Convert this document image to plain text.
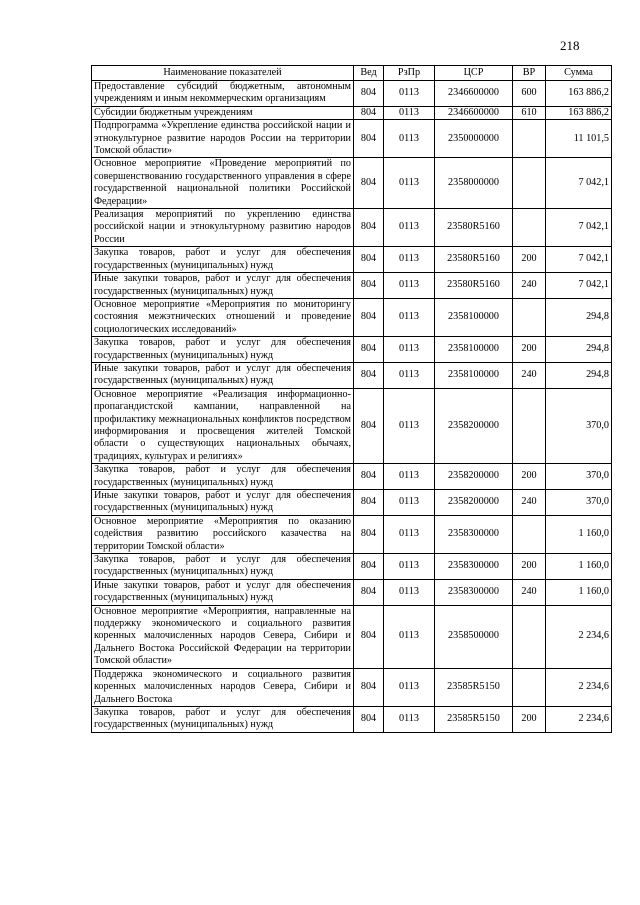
218
Наименование показателей	Вед	РзПр	ЦСР	ВР	Сумма
Предоставление субсидий бюджетным, автономным учреждениям и иным некоммерческим организациям	804	0113	2346600000	600	163 886,2
Субсидии бюджетным учреждениям	804	0113	2346600000	610	163 886,2
Подпрограмма «Укрепление единства российской нации и этнокультурное развитие народов России на территории Томской области»	804	0113	2350000000		11 101,5
Основное мероприятие «Проведение мероприятий по совершенствованию государственного управления в сфере государственной национальной политики Российской Федерации»	804	0113	2358000000		7 042,1
Реализация мероприятий по укреплению единства российской нации и этнокультурному развитию народов России	804	0113	23580R5160		7 042,1
Закупка товаров, работ и услуг для обеспечения государственных (муниципальных) нужд	804	0113	23580R5160	200	7 042,1
Иные закупки товаров, работ и услуг для обеспечения государственных (муниципальных) нужд	804	0113	23580R5160	240	7 042,1
Основное мероприятие «Мероприятия по мониторингу состояния межэтнических отношений и проведение социологических исследований»	804	0113	2358100000		294,8
Закупка товаров, работ и услуг для обеспечения государственных (муниципальных) нужд	804	0113	2358100000	200	294,8
Иные закупки товаров, работ и услуг для обеспечения государственных (муниципальных) нужд	804	0113	2358100000	240	294,8
Основное мероприятие «Реализация информационно-пропагандистской кампании, направленной на профилактику межнациональных конфликтов посредством информирования и просвещения жителей Томской области о существующих национальных обычаях, традициях, культурах и религиях»	804	0113	2358200000		370,0
Закупка товаров, работ и услуг для обеспечения государственных (муниципальных) нужд	804	0113	2358200000	200	370,0
Иные закупки товаров, работ и услуг для обеспечения государственных (муниципальных) нужд	804	0113	2358200000	240	370,0
Основное мероприятие «Мероприятия по оказанию содействия развитию российского казачества на территории Томской области»	804	0113	2358300000		1 160,0
Закупка товаров, работ и услуг для обеспечения государственных (муниципальных) нужд	804	0113	2358300000	200	1 160,0
Иные закупки товаров, работ и услуг для обеспечения государственных (муниципальных) нужд	804	0113	2358300000	240	1 160,0
Основное мероприятие «Мероприятия, направленные на поддержку экономического и социального развития коренных малочисленных народов Севера, Сибири и Дальнего Востока Российской Федерации на территории Томской области»	804	0113	2358500000		2 234,6
Поддержка экономического и социального развития коренных малочисленных народов Севера, Сибири и Дальнего Востока	804	0113	23585R5150		2 234,6
Закупка товаров, работ и услуг для обеспечения государственных (муниципальных) нужд	804	0113	23585R5150	200	2 234,6
